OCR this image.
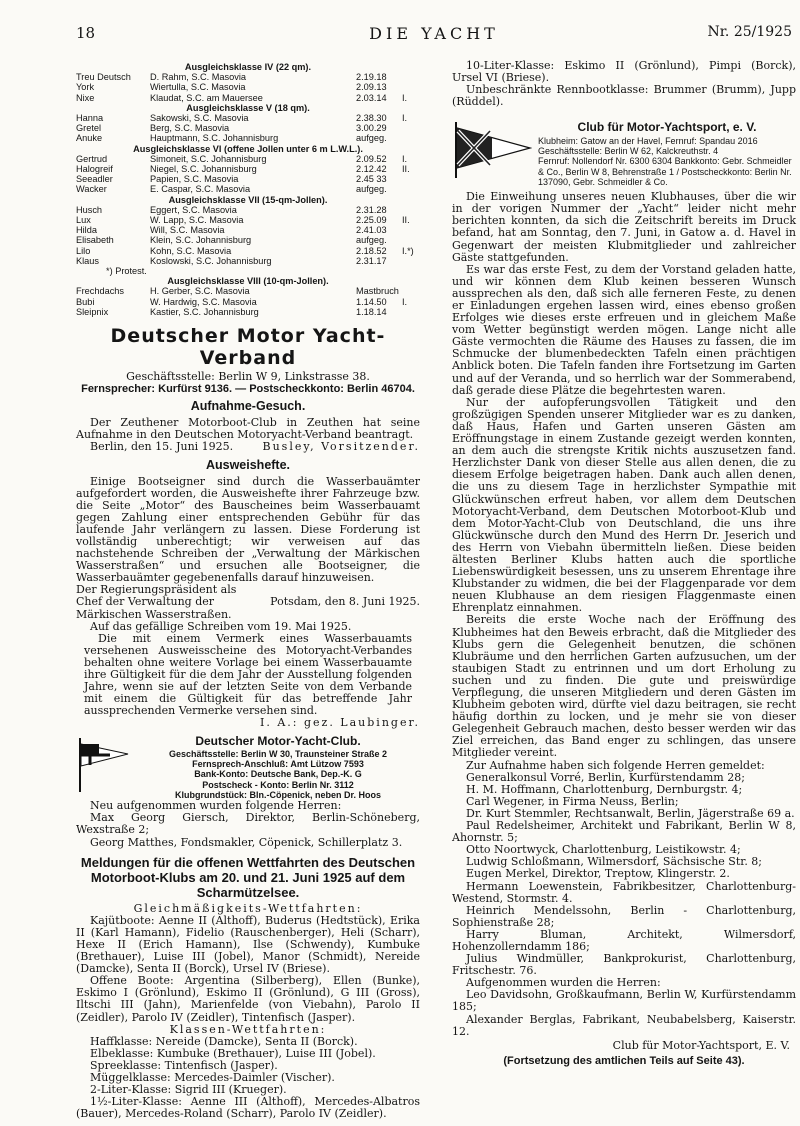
18	DIE YACHT	Nr. 25/1925
Ausgleichsklasse IV (22 qm).			
Treu Deutsch	D. Rahm, S.C. Masovia	2.19.18	
York	Wiertulla, S.C. Masovia	2.09.13	
Nixe	Klaudat, S.C. am Mauersee	2.03.14	I.
Ausgleichsklasse V (18 qm).			
Hanna	Sakowski, S.C. Masovia	2.38.30	I.
Gretel	Berg, S.C. Masovia	3.00.29	
Anuke	Hauptmann, S.C. Johannisburg	aufgeg.	
Ausgleichsklasse VI (offene Jollen unter 6 m L.W.L.).			
Gertrud	Simoneit, S.C. Johannisburg	2.09.52	I.
Halogreif	Niegel, S.C. Johannisburg	2.12.42	II.
Seeadler	Papien, S.C. Masovia	2.45 33	
Wacker	E. Caspar, S.C. Masovia	aufgeg.	
Ausgleichsklasse VII (15-qm-Jollen).			
Husch	Eggert, S.C. Masovia	2.31.28	
Lux	W. Lapp, S.C. Masovia	2.25.09	II.
Hilda	Will, S.C. Masovia	2.41.03	
Elisabeth	Klein, S.C. Johannisburg	aufgeg.	
Lilo	Kohn, S.C. Masovia	2.18.52	I.*)
Klaus	Koslowski, S.C. Johannisburg	2.31.17	
*) Protest.			
Ausgleichsklasse VIII (10-qm-Jollen).			
Frechdachs	H. Gerber, S.C. Masovia	Mastbruch	
Bubi	W. Hardwig, S.C. Masovia	1.14.50	I.
Sleipnix	Kastier, S.C. Johannisburg	1.18.14	
Deutscher Motor Yacht-Verband

Geschäftsstelle: Berlin W 9, Linkstrasse 38.

Fernsprecher: Kurfürst 9136. — Postscheckkonto: Berlin 46704.

Aufnahme-Gesuch.

Der Zeuthener Motorboot-Club in Zeuthen hat seine Aufnahme in den Deutschen Motoryacht-Verband beantragt.

Berlin, den 15. Juni 1925.	Busley, Vorsitzender.
Ausweishefte.

Einige Bootseigner sind durch die Wasserbauämter aufgefordert worden, die Ausweishefte ihrer Fahrzeuge bzw. die Seite „Motor“ des Bauscheines beim Wasserbauamt gegen Zahlung einer entsprechenden Gebühr für das laufende Jahr verlängern zu lassen. Diese Forderung ist vollständig unberechtigt; wir verweisen auf das nachstehende Schreiben der „Verwaltung der Märkischen Wasserstraßen“ und ersuchen alle Bootseigner, die Wasserbauämter gegebenenfalls darauf hinzuweisen.

Der Regierungspräsident als

Chef der Verwaltung der	Potsdam, den 8. Juni 1925.

Märkischen Wasserstraßen.

Auf das gefällige Schreiben vom 19. Mai 1925.

Die mit einem Vermerk eines Wasserbauamts versehenen Ausweisscheine des Motoryacht-Verbandes behalten ohne weitere Vorlage bei einem Wasserbauamte ihre Gültigkeit für die dem Jahr der Ausstellung folgenden Jahre, wenn sie auf der letzten Seite von dem Verbande mit einem die Gültigkeit für das betreffende Jahr aussprechenden Vermerke versehen sind.

I. A.: gez. Laubinger.

Deutscher Motor-Yacht-Club.
Geschäftsstelle: Berlin W 30, Traunsteiner Straße 2
Fernsprech-Anschluß: Amt Lützow 7593
Bank-Konto: Deutsche Bank, Dep.-K. G
Postscheck - Konto: Berlin Nr. 3112
Klubgrundstück: Bln.-Cöpenick, neben Dr. Hoos

Neu aufgenommen wurden folgende Herren:

Max Georg Giersch, Direktor, Berlin-Schöneberg, Wexstraße 2;

Georg Matthes, Fondsmakler, Cöpenick, Schillerplatz 3.

Meldungen für die offenen Wettfahrten des Deutschen Motorboot-Klubs am 20. und 21. Juni 1925 auf dem Scharmützelsee.

Gleichmäßigkeits-Wettfahrten:

Kajütboote: Aenne II (Althoff), Buderus (Hedtstück), Erika II (Karl Hamann), Fidelio (Rauschenberger), Heli (Scharr), Hexe II (Erich Hamann), Ilse (Schwendy), Kumbuke (Brethauer), Luise III (Jobel), Manor (Schmidt), Nereide (Damcke), Senta II (Borck), Ursel IV (Briese).

Offene Boote: Argentina (Silberberg), Ellen (Bunke), Eskimo I (Grönlund), Eskimo II (Grönlund), G III (Gross), Iltschi III (Jahn), Marienfelde (von Viebahn), Parolo II (Zeidler), Parolo IV (Zeidler), Tintenfisch (Jasper).

Klassen-Wettfahrten:

Haffklasse: Nereide (Damcke), Senta II (Borck).

Elbeklasse: Kumbuke (Brethauer), Luise III (Jobel).

Spreeklasse: Tintenfisch (Jasper).

Müggelklasse: Mercedes-Daimler (Vischer).

2-Liter-Klasse: Sigrid III (Krueger).

1½-Liter-Klasse: Aenne III (Althoff), Mercedes-Albatros (Bauer), Mercedes-Roland (Scharr), Parolo IV (Zeidler).

10-Liter-Klasse: Eskimo II (Grönlund), Pimpi (Borck), Ursel VI (Briese).

Unbeschränkte Rennbootklasse: Brummer (Brumm), Jupp (Rüddel).

Club für Motor-Yachtsport, e. V.
Klubheim: Gatow an der Havel, Fernruf: Spandau 2016
Geschäftsstelle: Berlin W 62, Kalckreuthstr. 4
Fernruf: Nollendorf Nr. 6300 6304 Bankkonto: Gebr. Schmeidler & Co., Berlin W 8, Behrenstraße 1 / Postscheckkonto: Berlin Nr. 137090, Gebr. Schmeidler & Co.

Die Einweihung unseres neuen Klubhauses, über die wir in der vorigen Nummer der „Yacht“ leider nicht mehr berichten konnten, da sich die Zeitschrift bereits im Druck befand, hat am Sonntag, den 7. Juni, in Gatow a. d. Havel in Gegenwart der meisten Klubmitglieder und zahlreicher Gäste stattgefunden.

Es war das erste Fest, zu dem der Vorstand geladen hatte, und wir können dem Klub keinen besseren Wunsch aussprechen als den, daß sich alle ferneren Feste, zu denen er Einladungen ergehen lassen wird, eines ebenso großen Erfolges wie dieses erste erfreuen und in gleichem Maße vom Wetter begünstigt werden mögen. Lange nicht alle Gäste vermochten die Räume des Hauses zu fassen, die im Schmucke der blumenbedeckten Tafeln einen prächtigen Anblick boten. Die Tafeln fanden ihre Fortsetzung im Garten und auf der Veranda, und so herrlich war der Sommerabend, daß gerade diese Plätze die begehrtesten waren.

Nur der aufopferungsvollen Tätigkeit und den großzügigen Spenden unserer Mitglieder war es zu danken, daß Haus, Hafen und Garten unseren Gästen am Eröffnungstage in einem Zustande gezeigt werden konnten, an dem auch die strengste Kritik nichts auszusetzen fand. Herzlichster Dank von dieser Stelle aus allen denen, die zu diesem Erfolge beigetragen haben. Dank auch allen denen, die uns zu diesem Tage in herzlichster Sympathie mit Glückwünschen erfreut haben, vor allem dem Deutschen Motoryacht-Verband, dem Deutschen Motorboot-Klub und dem Motor-Yacht-Club von Deutschland, die uns ihre Glückwünsche durch den Mund des Herrn Dr. Jeserich und des Herrn von Viebahn übermitteln ließen. Diese beiden ältesten Berliner Klubs hatten auch die sportliche Liebenswürdigkeit besessen, uns zu unserem Ehrentage ihre Klubstander zu widmen, die bei der Flaggenparade vor dem neuen Klubhause an dem riesigen Flaggenmaste einen Ehrenplatz einnahmen.

Bereits die erste Woche nach der Eröffnung des Klubheimes hat den Beweis erbracht, daß die Mitglieder des Klubs gern die Gelegenheit benutzen, die schönen Klubräume und den herrlichen Garten aufzusuchen, um der staubigen Stadt zu entrinnen und um dort Erholung zu suchen und zu finden. Die gute und preiswürdige Verpflegung, die unseren Mitgliedern und deren Gästen im Klubheim geboten wird, dürfte viel dazu beitragen, sie recht häufig dorthin zu locken, und je mehr sie von dieser Gelegenheit Gebrauch machen, desto besser werden wir das Ziel erreichen, das Band enger zu schlingen, das unsere Mitglieder vereint.

Zur Aufnahme haben sich folgende Herren gemeldet:

Generalkonsul Vorré, Berlin, Kurfürstendamm 28;

H. M. Hoffmann, Charlottenburg, Dernburgstr. 4;

Carl Wegener, in Firma Neuss, Berlin;

Dr. Kurt Stemmler, Rechtsanwalt, Berlin, Jägerstraße 69 a.

Paul Redelsheimer, Architekt und Fabrikant, Berlin W 8, Ahornstr. 5;

Otto Noortwyck, Charlottenburg, Leistikowstr. 4;

Ludwig Schloßmann, Wilmersdorf, Sächsische Str. 8;

Eugen Merkel, Direktor, Treptow, Klingerstr. 2.

Hermann Loewenstein, Fabrikbesitzer, Charlottenburg-Westend, Stormstr. 4.

Heinrich Mendelssohn, Berlin - Charlottenburg, Sophienstraße 28;

Harry Bluman, Architekt, Wilmersdorf, Hohenzollerndamm 186;

Julius Windmüller, Bankprokurist, Charlottenburg, Fritschestr. 76.

Aufgenommen wurden die Herren:

Leo Davidsohn, Großkaufmann, Berlin W, Kurfürstendamm 185;

Alexander Berglas, Fabrikant, Neubabelsberg, Kaiserstr. 12.

Club für Motor-Yachtsport, E. V.

(Fortsetzung des amtlichen Teils auf Seite 43).
